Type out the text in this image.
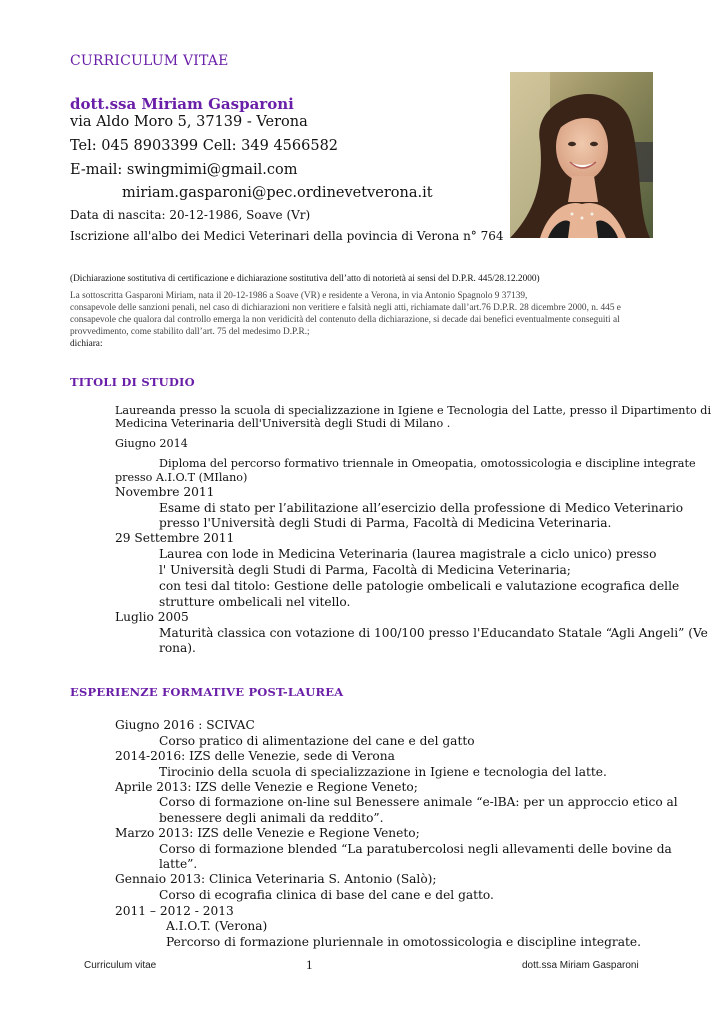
CURRICULUM VITAE
dott.ssa Miriam Gasparoni
via Aldo Moro 5, 37139 - Verona
Tel: 045 8903399 Cell: 349 4566582
E-mail: swingmimi@gmail.com
miriam.gasparoni@pec.ordinevetverona.it
Data di nascita: 20-12-1986, Soave (Vr)
Iscrizione all'albo dei Medici Veterinari della povincia di Verona n° 764
(Dichiarazione sostitutiva di certificazione e dichiarazione sostitutiva dell’atto di notorietà ai sensi del D.P.R. 445/28.12.2000)
La sottoscritta Gasparoni Miriam, nata il 20-12-1986 a Soave (VR) e residente a Verona, in via Antonio Spagnolo 9 37139,
consapevole delle sanzioni penali, nel caso di dichiarazioni non veritiere e falsità negli atti, richiamate dall’art.76 D.P.R. 28 dicembre 2000, n. 445 e
consapevole che qualora dal controllo emerga la non veridicità del contenuto della dichiarazione, si decade dai benefici eventualmente conseguiti al
provvedimento, come stabilito dall’art. 75 del medesimo D.P.R.;
dichiara:
TITOLI DI STUDIO
Laureanda presso la scuola di specializzazione in Igiene e Tecnologia del Latte, presso il Dipartimento di
Medicina Veterinaria dell'Università degli Studi di Milano .
Giugno 2014
Diploma del percorso formativo triennale in Omeopatia, omotossicologia e discipline integrate
presso A.I.O.T (MIlano)
Novembre 2011
Esame di stato per l’abilitazione all’esercizio della professione di Medico Veterinario
presso l'Università degli Studi di Parma, Facoltà di Medicina Veterinaria.
29 Settembre 2011
Laurea con lode in Medicina Veterinaria (laurea magistrale a ciclo unico) presso
l' Università degli Studi di Parma, Facoltà di Medicina Veterinaria;
con tesi dal titolo: Gestione delle patologie ombelicali e valutazione ecografica delle
strutture ombelicali nel vitello.
Luglio 2005
Maturità classica con votazione di 100/100 presso l'Educandato Statale “Agli Angeli” (Ve
rona).
ESPERIENZE FORMATIVE POST-LAUREA
Giugno 2016 : SCIVAC
Corso pratico di alimentazione del cane e del gatto
2014-2016: IZS delle Venezie, sede di Verona
Tirocinio della scuola di specializzazione in Igiene e tecnologia del latte.
Aprile 2013: IZS delle Venezie e Regione Veneto;
Corso di formazione on-line sul Benessere animale “e-lBA: per un approccio etico al
benessere degli animali da reddito”.
Marzo 2013: IZS delle Venezie e Regione Veneto;
Corso di formazione blended “La paratubercolosi negli allevamenti delle bovine da
latte”.
Gennaio 2013: Clinica Veterinaria S. Antonio (Salò);
Corso di ecografia clinica di base del cane e del gatto.
2011 – 2012 - 2013
A.I.O.T. (Verona)
Percorso di formazione pluriennale in omotossicologia e discipline integrate.
Curriculum vitae	1	dott.ssa Miriam Gasparoni
